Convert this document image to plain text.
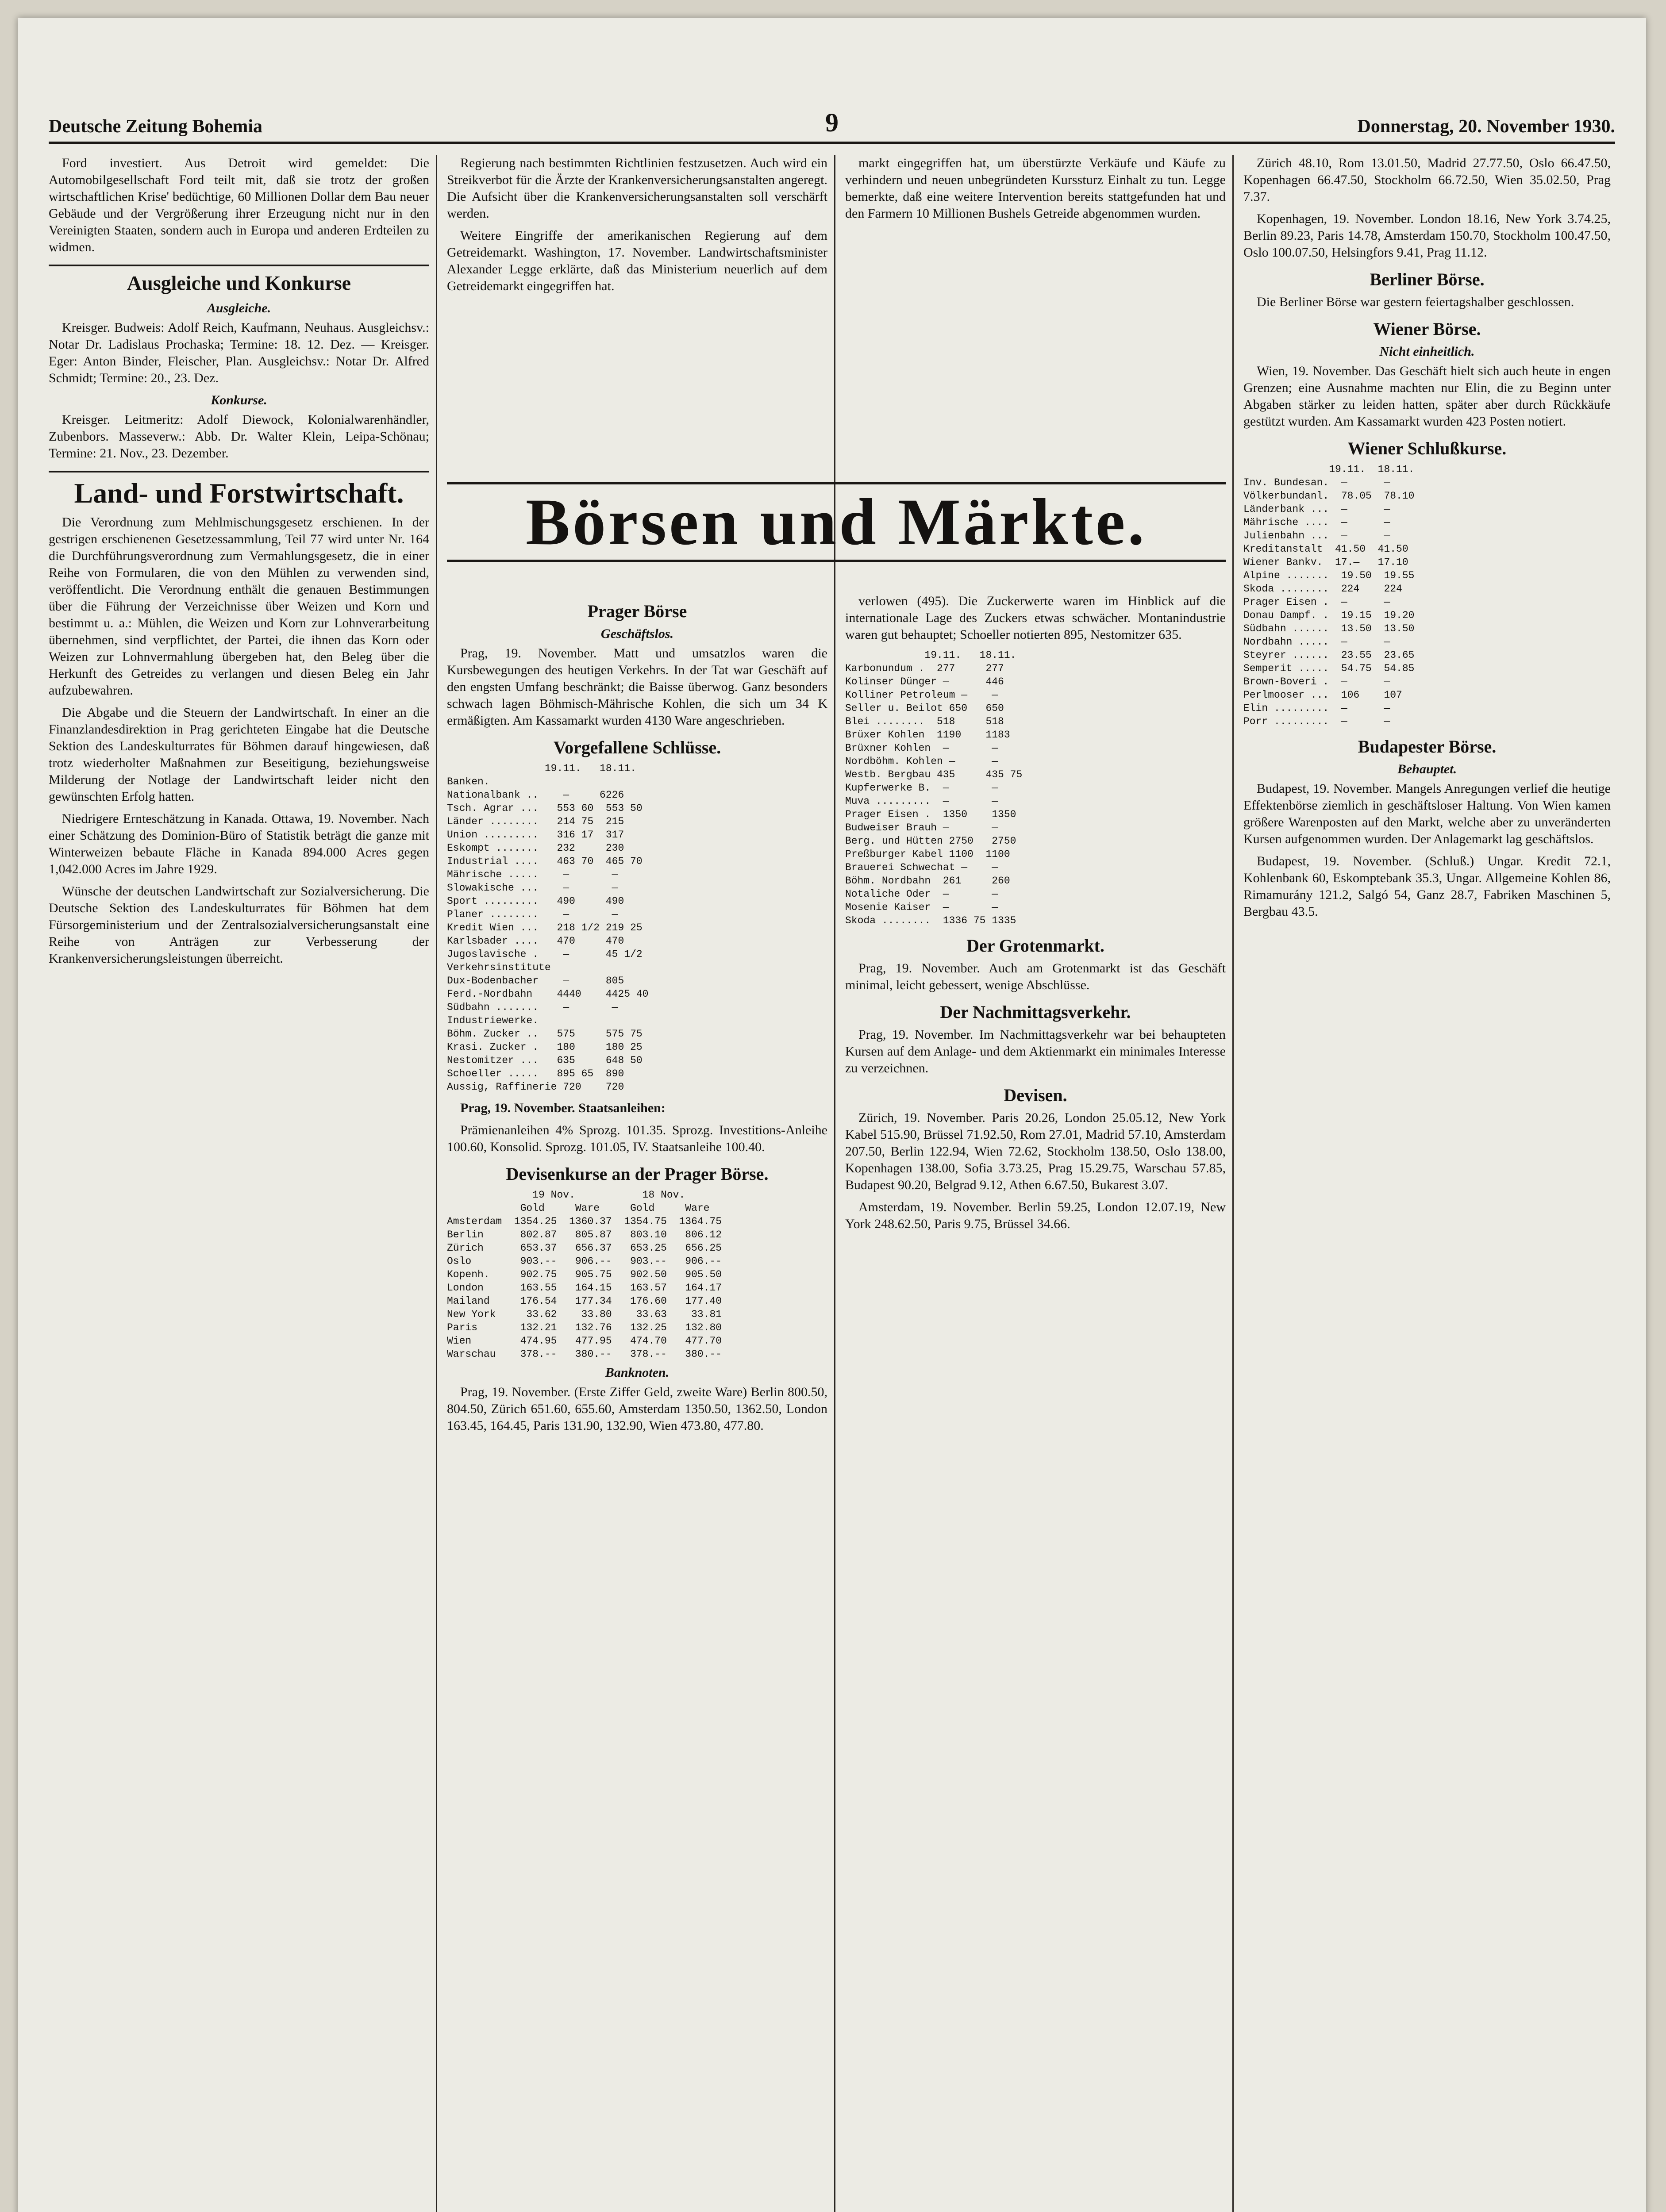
Deutsche Zeitung Bohemia	9	Donnerstag, 20. November 1930.

Ford investiert. Aus Detroit wird gemeldet: Die Automobilgesellschaft Ford teilt mit, daß sie trotz der großen wirtschaftlichen Krise' bedüchtige, 60 Millionen Dollar dem Bau neuer Gebäude und der Vergrößerung ihrer Erzeugung nicht nur in den Vereinigten Staaten, sondern auch in Europa und anderen Erdteilen zu widmen.

Ausgleiche und Konkurse
Ausgleiche.

Kreisger. Budweis: Adolf Reich, Kaufmann, Neuhaus. Ausgleichsv.: Notar Dr. Ladislaus Prochaska; Termine: 18. 12. Dez. — Kreisger. Eger: Anton Binder, Fleischer, Plan. Ausgleichsv.: Notar Dr. Alfred Schmidt; Termine: 20., 23. Dez.

Konkurse.

Kreisger. Leitmeritz: Adolf Diewock, Kolonialwarenhändler, Zubenbors. Masseverw.: Abb. Dr. Walter Klein, Leipa-Schönau; Termine: 21. Nov., 23. Dezember.

Land- und Forstwirtschaft.

Die Verordnung zum Mehlmischungsgesetz erschienen. In der gestrigen erschienenen Gesetzessammlung, Teil 77 wird unter Nr. 164 die Durchführungsverordnung zum Vermahlungsgesetz, die in einer Reihe von Formularen, die von den Mühlen zu verwenden sind, veröffentlicht. Die Verordnung enthält die genauen Bestimmungen über die Führung der Verzeichnisse über Weizen und Korn und bestimmt u. a.: Mühlen, die Weizen und Korn zur Lohnverarbeitung übernehmen, sind verpflichtet, der Partei, die ihnen das Korn oder Weizen zur Lohnvermahlung übergeben hat, den Beleg über die Herkunft des Getreides zu verlangen und diesen Beleg ein Jahr aufzubewahren.

Die Abgabe und die Steuern der Landwirtschaft. In einer an die Finanzlandesdirektion in Prag gerichteten Eingabe hat die Deutsche Sektion des Landeskulturrates für Böhmen darauf hingewiesen, daß trotz wiederholter Maßnahmen zur Beseitigung, beziehungsweise Milderung der Notlage der Landwirtschaft leider nicht den gewünschten Erfolg hatten.

Niedrigere Ernteschätzung in Kanada. Ottawa, 19. November. Nach einer Schätzung des Dominion-Büro of Statistik beträgt die ganze mit Winterweizen bebaute Fläche in Kanada 894.000 Acres gegen 1,042.000 Acres im Jahre 1929.

Wünsche der deutschen Landwirtschaft zur Sozialversicherung. Die Deutsche Sektion des Landeskulturrates für Böhmen hat dem Fürsorgeministerium und der Zentralsozialversicherungsanstalt eine Reihe von Anträgen zur Verbesserung der Krankenversicherungsleistungen überreicht.

Regierung nach bestimmten Richtlinien festzusetzen. Auch wird ein Streikverbot für die Ärzte der Krankenversicherungsanstalten angeregt. Die Aufsicht über die Krankenversicherungsanstalten soll verschärft werden.

Weitere Eingriffe der amerikanischen Regierung auf dem Getreidemarkt. Washington, 17. November. Landwirtschaftsminister Alexander Legge erklärte, daß das Ministerium neuerlich auf dem Getreidemarkt eingegriffen hat.

markt eingegriffen hat, um überstürzte Verkäufe und Käufe zu verhindern und neuen unbegründeten Kurssturz Einhalt zu tun. Legge bemerkte, daß eine weitere Intervention bereits stattgefunden hat und den Farmern 10 Millionen Bushels Getreide abgenommen wurden.

Börsen und Märkte.
Prager Börse
Geschäftslos.

Prag, 19. November. Matt und umsatzlos waren die Kursbewegungen des heutigen Verkehrs. In der Tat war Geschäft auf den engsten Umfang beschränkt; die Baisse überwog. Ganz besonders schwach lagen Böhmisch-Mährische Kohlen, die sich um 34 K ermäßigten. Am Kassamarkt wurden 4130 Ware angeschrieben.

Vorgefallene Schlüsse.
19.11.   18.11.
Banken.
Nationalbank ..    —     6226
Tsch. Agrar ...   553 60  553 50
Länder ........   214 75  215
Union .........   316 17  317
Eskompt .......   232     230
Industrial ....   463 70  465 70
Mährische .....    —       —
Slowakische ...    —       —
Sport .........   490     490
Planer ........    —       —
Kredit Wien ...   218 1/2 219 25
Karlsbader ....   470     470
Jugoslavische .    —      45 1/2
Verkehrsinstitute
Dux-Bodenbacher    —      805
Ferd.-Nordbahn    4440    4425 40
Südbahn .......    —       —
Industriewerke.
Böhm. Zucker ..   575     575 75
Krasi. Zucker .   180     180 25
Nestomitzer ...   635     648 50
Schoeller .....   895 65  890
Aussig, Raffinerie 720    720

Prag, 19. November. Staatsanleihen:

Prämienanleihen 4% Sprozg. 101.35. Sprozg. Investitions-Anleihe 100.60, Konsolid. Sprozg. 101.05, IV. Staatsanleihe 100.40.

Devisenkurse an der Prager Börse.
19 Nov.           18 Nov.
Gold     Ware     Gold     Ware
Amsterdam  1354.25  1360.37  1354.75  1364.75
Berlin      802.87   805.87   803.10   806.12
Zürich      653.37   656.37   653.25   656.25
Oslo        903.--   906.--   903.--   906.--
Kopenh.     902.75   905.75   902.50   905.50
London      163.55   164.15   163.57   164.17
Mailand     176.54   177.34   176.60   177.40
New York     33.62    33.80    33.63    33.81
Paris       132.21   132.76   132.25   132.80
Wien        474.95   477.95   474.70   477.70
Warschau    378.--   380.--   378.--   380.--
Banknoten.

Prag, 19. November. (Erste Ziffer Geld, zweite Ware) Berlin 800.50, 804.50, Zürich 651.60, 655.60, Amsterdam 1350.50, 1362.50, London 163.45, 164.45, Paris 131.90, 132.90, Wien 473.80, 477.80.

verlowen (495). Die Zuckerwerte waren im Hinblick auf die internationale Lage des Zuckers etwas schwächer. Montanindustrie waren gut behauptet; Schoeller notierten 895, Nestomitzer 635.

19.11.   18.11.
Karbonundum .  277     277
Kolinser Dünger —      446
Kolliner Petroleum —    —
Seller u. Beilot 650   650
Blei ........  518     518
Brüxer Kohlen  1190    1183
Brüxner Kohlen  —       —
Nordböhm. Kohlen —      —
Westb. Bergbau 435     435 75
Kupferwerke B.  —       —
Muva .........  —       —
Prager Eisen .  1350    1350
Budweiser Brauh —       —
Berg. und Hütten 2750   2750
Preßburger Kabel 1100  1100
Brauerei Schwechat —    —
Böhm. Nordbahn  261     260
Notaliche Oder  —       —
Mosenie Kaiser  —       —
Skoda ........  1336 75 1335
Der Grotenmarkt.

Prag, 19. November. Auch am Grotenmarkt ist das Geschäft minimal, leicht gebessert, wenige Abschlüsse.

Der Nachmittagsverkehr.

Prag, 19. November. Im Nachmittagsverkehr war bei behaupteten Kursen auf dem Anlage- und dem Aktienmarkt ein minimales Interesse zu verzeichnen.

Devisen.

Zürich, 19. November. Paris 20.26, London 25.05.12, New York Kabel 515.90, Brüssel 71.92.50, Rom 27.01, Madrid 57.10, Amsterdam 207.50, Berlin 122.94, Wien 72.62, Stockholm 138.50, Oslo 138.00, Kopenhagen 138.00, Sofia 3.73.25, Prag 15.29.75, Warschau 57.85, Budapest 90.20, Belgrad 9.12, Athen 6.67.50, Bukarest 3.07.

Amsterdam, 19. November. Berlin 59.25, London 12.07.19, New York 248.62.50, Paris 9.75, Brüssel 34.66.

Zürich 48.10, Rom 13.01.50, Madrid 27.77.50, Oslo 66.47.50, Kopenhagen 66.47.50, Stockholm 66.72.50, Wien 35.02.50, Prag 7.37.

Kopenhagen, 19. November. London 18.16, New York 3.74.25, Berlin 89.23, Paris 14.78, Amsterdam 150.70, Stockholm 100.47.50, Oslo 100.07.50, Helsingfors 9.41, Prag 11.12.

Berliner Börse.

Die Berliner Börse war gestern feiertagshalber geschlossen.

Wiener Börse.
Nicht einheitlich.

Wien, 19. November. Das Geschäft hielt sich auch heute in engen Grenzen; eine Ausnahme machten nur Elin, die zu Beginn unter Abgaben stärker zu leiden hatten, später aber durch Rückkäufe gestützt wurden. Am Kassamarkt wurden 423 Posten notiert.

Wiener Schlußkurse.
19.11.  18.11.
Inv. Bundesan.  —      —
Völkerbundanl.  78.05  78.10
Länderbank ...  —      —
Mährische ....  —      —
Julienbahn ...  —      —
Kreditanstalt  41.50  41.50
Wiener Bankv.  17.—   17.10
Alpine .......  19.50  19.55
Skoda ........  224    224
Prager Eisen .  —      —
Donau Dampf. .  19.15  19.20
Südbahn ......  13.50  13.50
Nordbahn .....  —      —
Steyrer ......  23.55  23.65
Semperit .....  54.75  54.85
Brown-Boveri .  —      —
Perlmooser ...  106    107
Elin .........  —      —
Porr .........  —      —
Budapester Börse.
Behauptet.

Budapest, 19. November. Mangels Anregungen verlief die heutige Effektenbörse ziemlich in geschäftsloser Haltung. Von Wien kamen größere Warenposten auf den Markt, welche aber zu unveränderten Kursen aufgenommen wurden. Der Anlagemarkt lag geschäftslos.

Budapest, 19. November. (Schluß.) Ungar. Kredit 72.1, Kohlenbank 60, Eskomptebank 35.3, Ungar. Allgemeine Kohlen 86, Rimamurány 121.2, Salgó 54, Ganz 28.7, Fabriken Maschinen 5, Bergbau 43.5.
